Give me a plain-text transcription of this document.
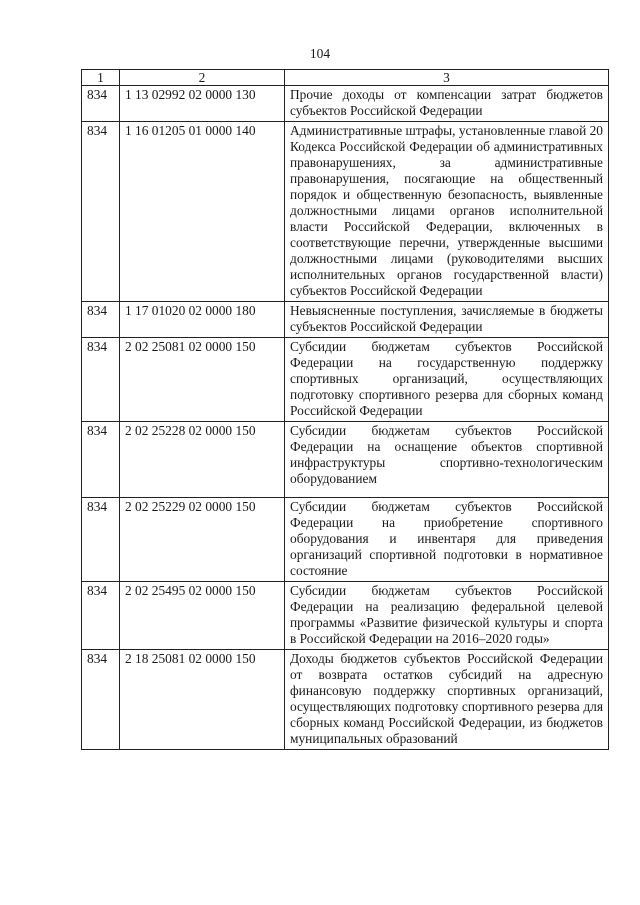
104
1	2	3
834	1 13 02992 02 0000 130	Прочие доходы от компенсации затрат бюджетов субъектов Российской Федерации
834	1 16 01205 01 0000 140	Административные штрафы, установленные главой 20 Кодекса Российской Федерации об административных правонарушениях, за административные правонарушения, посягающие на общественный порядок и общественную безопасность, выявленные должностными лицами органов исполнительной власти Российской Федерации, включенных в соответствующие перечни, утвержденные высшими должностными лицами (руководителями высших исполнительных органов государственной власти) субъектов Российской Федерации
834	1 17 01020 02 0000 180	Невыясненные поступления, зачисляемые в бюджеты субъектов Российской Федерации
834	2 02 25081 02 0000 150	Субсидии бюджетам субъектов Российской Федерации на государственную поддержку спортивных организаций, осуществляющих подготовку спортивного резерва для сборных команд Российской Федерации
834	2 02 25228 02 0000 150	Субсидии бюджетам субъектов Российской Федерации на оснащение объектов спортивной инфраструктуры спортивно-технологическим оборудованием
834	2 02 25229 02 0000 150	Субсидии бюджетам субъектов Российской Федерации на приобретение спортивного оборудования и инвентаря для приведения организаций спортивной подготовки в нормативное состояние
834	2 02 25495 02 0000 150	Субсидии бюджетам субъектов Российской Федерации на реализацию федеральной целевой программы «Развитие физической культуры и спорта в Российской Федерации на 2016–2020 годы»
834	2 18 25081 02 0000 150	Доходы бюджетов субъектов Российской Федерации от возврата остатков субсидий на адресную финансовую поддержку спортивных организаций, осуществляющих подготовку спортивного резерва для сборных команд Российской Федерации, из бюджетов муниципальных образований
